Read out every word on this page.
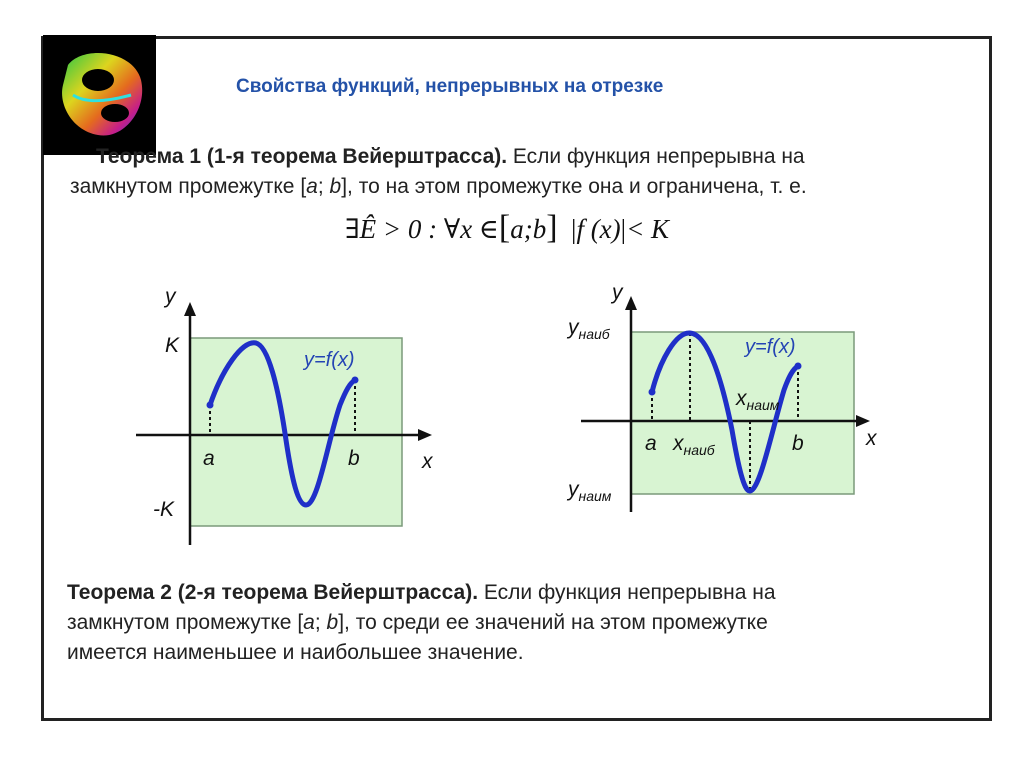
Свойства функций, непрерывных на отрезке
Теорема 1 (1-я теорема Вейерштрасса). Если функция непрерывна на
замкнутом промежутке [a; b], то на этом промежутке она и ограничена, т. е.
∃Ê > 0 : ∀x ∈[a;b] |f (x)|< K
y
x
K
-K
a	b
y=f(x)
y
x
$y_{наиб}$
$y_{наим}$
a $x_{наиб}$
$x_{наим}$
b
y=f(x)
Теорема 2 (2-я теорема Вейерштрасса). Если функция непрерывна на
замкнутом промежутке [a; b], то среди ее значений на этом промежутке
имеется наименьшее и наибольшее значение.
